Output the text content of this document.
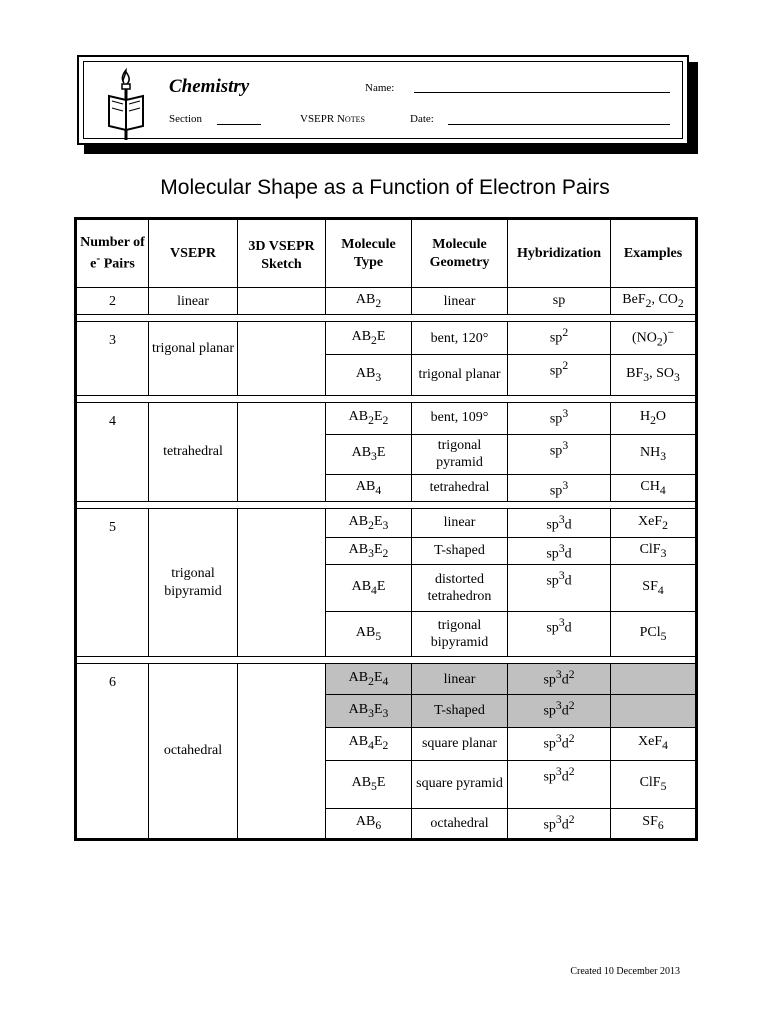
Chemistry	Name:
Section	VSEPR Notes	Date:
Molecular Shape as a Function of Electron Pairs
Number of e- Pairs	VSEPR	3D VSEPR Sketch	Molecule Type	Molecule Geometry	Hybridization	Examples
2	linear		$AB_2$	linear	sp	BeF$_2$, $CO_2$

3	trigonal planar		$AB_2E$	bent, 120°	$sp^2$	$(NO_2)^-$
			$AB_3$	trigonal planar	$sp^2$	$BF_3$, $SO_3$

4	tetrahedral		$AB_2E_2$	bent, 109°	$sp^3$	$H_2O$
			$AB_3E$	trigonal pyramid	$sp^3$	$NH_3$
			$AB_4$	tetrahedral	$sp^3$	$CH_4$

5	trigonal bipyramid		$AB_2E_3$	linear	$sp^3d$	XeF$_2$
			$AB_3E_2$	T-shaped	$sp^3d$	ClF$_3$
			$AB_4E$	distorted tetrahedron	$sp^3d$	$SF_4$
			$AB_5$	trigonal bipyramid	$sp^3d$	PCl$_5$

6	octahedral		$AB_2E_4$	linear	$sp^3d^2$	
			$AB_3E_3$	T-shaped	$sp^3d^2$	
			$AB_4E_2$	square planar	$sp^3d^2$	XeF$_4$
			$AB_5E$	square pyramid	$sp^3d^2$	ClF$_5$
			$AB_6$	octahedral	$sp^3d^2$	$SF_6$
Created 10 December 2013
